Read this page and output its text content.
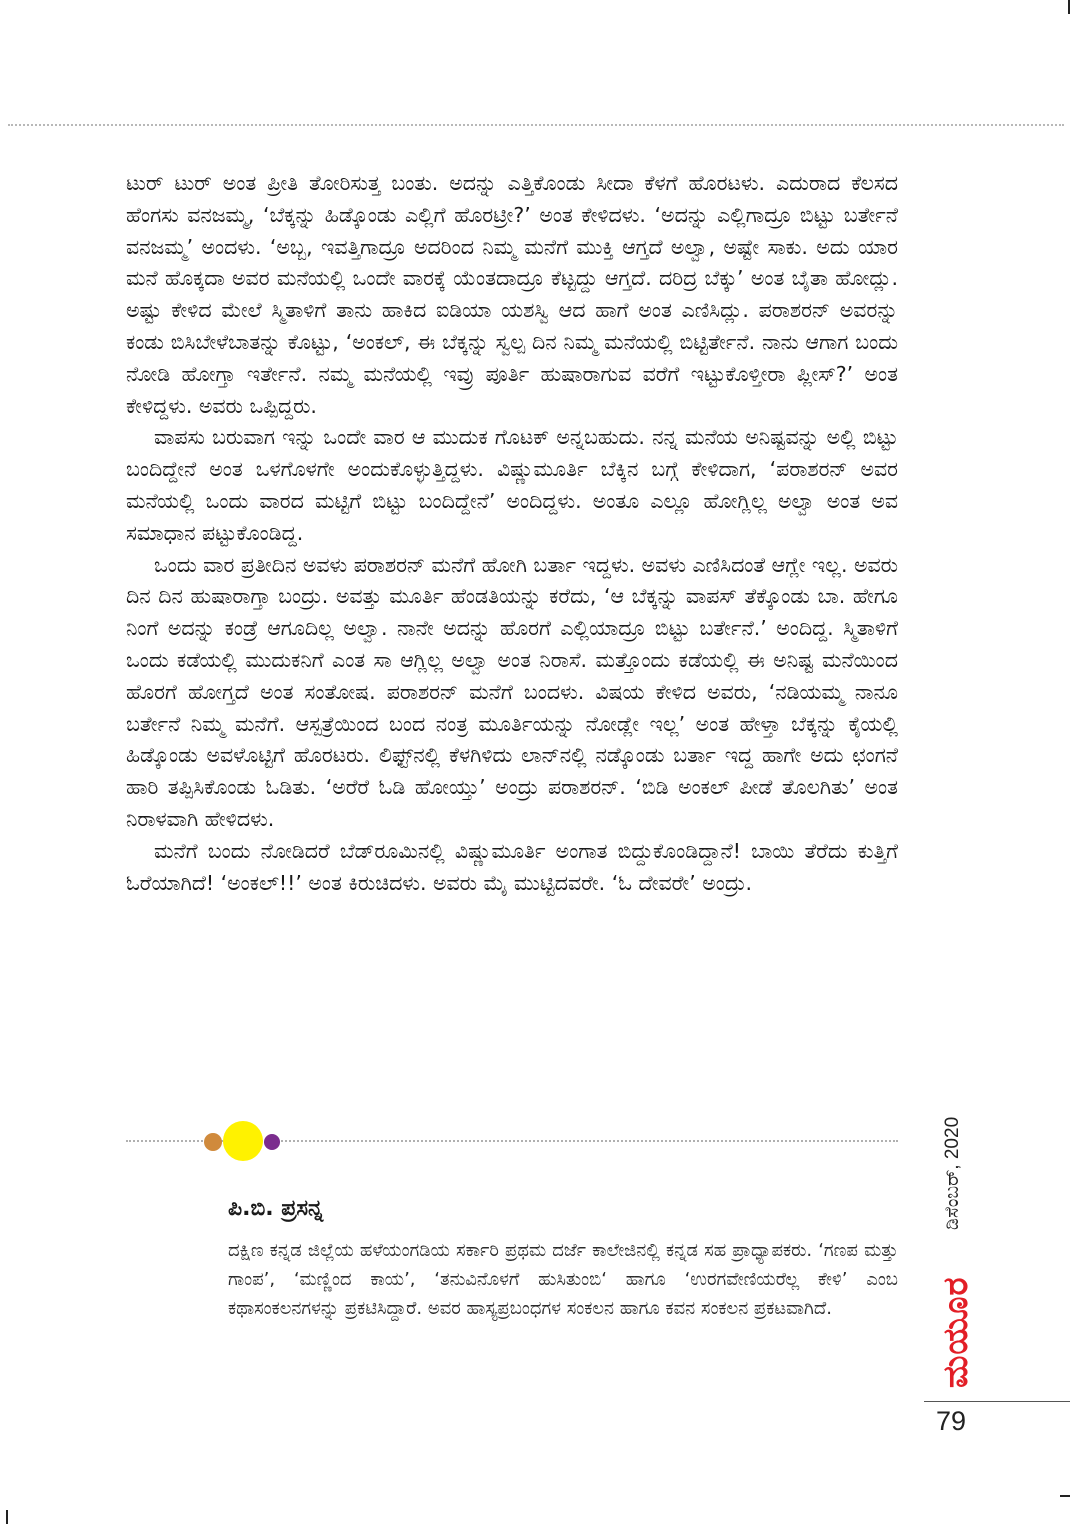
ಟುರ್ ಟುರ್ ಅಂತ ಪ್ರೀತಿ ತೋರಿಸುತ್ತ ಬಂತು. ಅದನ್ನು ಎತ್ತಿಕೊಂಡು ಸೀದಾ ಕೆಳಗೆ ಹೊರಟಳು. ಎದುರಾದ ಕೆಲಸದ ಹೆಂಗಸು ವನಜಮ್ಮ, ‘ಬೆಕ್ಕನ್ನು ಹಿಡ್ಕೊಂಡು ಎಲ್ಲಿಗೆ ಹೊರಟ್ರೀ?’ ಅಂತ ಕೇಳಿದಳು. ‘ಅದನ್ನು ಎಲ್ಲಿಗಾದ್ರೂ ಬಿಟ್ಟು ಬರ್ತೇನೆ ವನಜಮ್ಮ’ ಅಂದಳು. ‘ಅಬ್ಬ, ಇವತ್ತಿಗಾದ್ರೂ ಅದರಿಂದ ನಿಮ್ಮ ಮನೆಗೆ ಮುಕ್ತಿ ಆಗ್ತದೆ ಅಲ್ವಾ, ಅಷ್ಟೇ ಸಾಕು. ಅದು ಯಾರ ಮನೆ ಹೊಕ್ಕದಾ ಅವರ ಮನೆಯಲ್ಲಿ ಒಂದೇ ವಾರಕ್ಕೆ ಯೆಂತದಾದ್ರೂ ಕೆಟ್ಟದ್ದು ಆಗ್ತದೆ. ದರಿದ್ರ ಬೆಕ್ಕು’ ಅಂತ ಬೈತಾ ಹೋದ್ಲು. ಅಷ್ಟು ಕೇಳಿದ ಮೇಲೆ ಸ್ಮಿತಾಳಿಗೆ ತಾನು ಹಾಕಿದ ಐಡಿಯಾ ಯಶಸ್ವಿ ಆದ ಹಾಗೆ ಅಂತ ಎಣಿಸಿದ್ಲು. ಪರಾಶರನ್ ಅವರನ್ನು ಕಂಡು ಬಿಸಿಬೇಳೆಬಾತನ್ನು ಕೊಟ್ಟು, ‘ಅಂಕಲ್, ಈ ಬೆಕ್ಕನ್ನು ಸ್ವಲ್ಪ ದಿನ ನಿಮ್ಮ ಮನೆಯಲ್ಲಿ ಬಿಟ್ಟಿರ್ತೇನೆ. ನಾನು ಆಗಾಗ ಬಂದು ನೋಡಿ ಹೋಗ್ತಾ ಇರ್ತೇನೆ. ನಮ್ಮ ಮನೆಯಲ್ಲಿ ಇವ್ರು ಪೂರ್ತಿ ಹುಷಾರಾಗುವ ವರೆಗೆ ಇಟ್ಟುಕೊಳ್ತೀರಾ ಪ್ಲೀಸ್?’ ಅಂತ ಕೇಳಿದ್ದಳು. ಅವರು ಒಪ್ಪಿದ್ದರು.

ವಾಪಸು ಬರುವಾಗ ಇನ್ನು ಒಂದೇ ವಾರ ಆ ಮುದುಕ ಗೊಟಕ್ ಅನ್ನಬಹುದು. ನನ್ನ ಮನೆಯ ಅನಿಷ್ಟವನ್ನು ಅಲ್ಲಿ ಬಿಟ್ಟು ಬಂದಿದ್ದೇನೆ ಅಂತ ಒಳಗೊಳಗೇ ಅಂದುಕೊಳ್ಳುತ್ತಿದ್ದಳು. ವಿಷ್ಣುಮೂರ್ತಿ ಬೆಕ್ಕಿನ ಬಗ್ಗೆ ಕೇಳಿದಾಗ, ‘ಪರಾಶರನ್ ಅವರ ಮನೆಯಲ್ಲಿ ಒಂದು ವಾರದ ಮಟ್ಟಿಗೆ ಬಿಟ್ಟು ಬಂದಿದ್ದೇನೆ’ ಅಂದಿದ್ದಳು. ಅಂತೂ ಎಲ್ಲೂ ಹೋಗ್ಲಿಲ್ಲ ಅಲ್ವಾ ಅಂತ ಅವ ಸಮಾಧಾನ ಪಟ್ಟುಕೊಂಡಿದ್ದ.

ಒಂದು ವಾರ ಪ್ರತೀದಿನ ಅವಳು ಪರಾಶರನ್ ಮನೆಗೆ ಹೋಗಿ ಬರ್ತಾ ಇದ್ದಳು. ಅವಳು ಎಣಿಸಿದಂತೆ ಆಗ್ಲೇ ಇಲ್ಲ. ಅವರು ದಿನ ದಿನ ಹುಷಾರಾಗ್ತಾ ಬಂದ್ರು. ಅವತ್ತು ಮೂರ್ತಿ ಹೆಂಡತಿಯನ್ನು ಕರೆದು, ‘ಆ ಬೆಕ್ಕನ್ನು ವಾಪಸ್ ತೆಕ್ಕೊಂಡು ಬಾ. ಹೇಗೂ ನಿಂಗೆ ಅದನ್ನು ಕಂಡ್ರೆ ಆಗೂದಿಲ್ಲ ಅಲ್ವಾ. ನಾನೇ ಅದನ್ನು ಹೊರಗೆ ಎಲ್ಲಿಯಾದ್ರೂ ಬಿಟ್ಟು ಬರ್ತೇನೆ.’ ಅಂದಿದ್ದ. ಸ್ಮಿತಾಳಿಗೆ ಒಂದು ಕಡೆಯಲ್ಲಿ ಮುದುಕನಿಗೆ ಎಂತ ಸಾ ಆಗ್ಲಿಲ್ಲ ಅಲ್ವಾ ಅಂತ ನಿರಾಸೆ. ಮತ್ತೊಂದು ಕಡೆಯಲ್ಲಿ ಈ ಅನಿಷ್ಟ ಮನೆಯಿಂದ ಹೊರಗೆ ಹೋಗ್ತದೆ ಅಂತ ಸಂತೋಷ. ಪರಾಶರನ್ ಮನೆಗೆ ಬಂದಳು. ವಿಷಯ ಕೇಳಿದ ಅವರು, ‘ನಡಿಯಮ್ಮ ನಾನೂ ಬರ್ತೇನೆ ನಿಮ್ಮ ಮನೆಗೆ. ಆಸ್ಪತ್ರೆಯಿಂದ ಬಂದ ನಂತ್ರ ಮೂರ್ತಿಯನ್ನು ನೋಡ್ಲೇ ಇಲ್ಲ’ ಅಂತ ಹೇಳ್ತಾ ಬೆಕ್ಕನ್ನು ಕೈಯಲ್ಲಿ ಹಿಡ್ಕೊಂಡು ಅವಳೊಟ್ಟಿಗೆ ಹೊರಟರು. ಲಿಫ್ಟ್‌ನಲ್ಲಿ ಕೆಳಗಿಳಿದು ಲಾನ್‌ನಲ್ಲಿ ನಡ್ಕೊಂಡು ಬರ್ತಾ ಇದ್ದ ಹಾಗೇ ಅದು ಛಂಗನೆ ಹಾರಿ ತಪ್ಪಿಸಿಕೊಂಡು ಓಡಿತು. ‘ಅರೆರೆ ಓಡಿ ಹೋಯ್ತು’ ಅಂದ್ರು ಪರಾಶರನ್. ‘ಬಿಡಿ ಅಂಕಲ್ ಪೀಡೆ ತೊಲಗಿತು’ ಅಂತ ನಿರಾಳವಾಗಿ ಹೇಳಿದಳು.

ಮನೆಗೆ ಬಂದು ನೋಡಿದರೆ ಬೆಡ್‌ರೂಮಿನಲ್ಲಿ ವಿಷ್ಣುಮೂರ್ತಿ ಅಂಗಾತ ಬಿದ್ದುಕೊಂಡಿದ್ದಾನೆ! ಬಾಯಿ ತೆರೆದು ಕುತ್ತಿಗೆ ಓರೆಯಾಗಿದೆ! ‘ಅಂಕಲ್!!’ ಅಂತ ಕಿರುಚಿದಳು. ಅವರು ಮೈ ಮುಟ್ಟಿದವರೇ. ‘ಓ ದೇವರೇ’ ಅಂದ್ರು.

ಪಿ.ಬಿ. ಪ್ರಸನ್ನ
ದಕ್ಷಿಣ ಕನ್ನಡ ಜಿಲ್ಲೆಯ ಹಳೆಯಂಗಡಿಯ ಸರ್ಕಾರಿ ಪ್ರಥಮ ದರ್ಜೆ ಕಾಲೇಜಿನಲ್ಲಿ ಕನ್ನಡ ಸಹ ಪ್ರಾಧ್ಯಾಪಕರು. ‘ಗಣಪ ಮತ್ತು ಗಾಂಪ’, ‘ಮಣ್ಣಿಂದ ಕಾಯ’, ‘ತನುವಿನೊಳಗೆ ಹುಸಿತುಂಬಿ‘ ಹಾಗೂ ‘ಉರಗವೇಣಿಯರೆಲ್ಲ ಕೇಳಿ’ ಎಂಬ ಕಥಾಸಂಕಲನಗಳನ್ನು ಪ್ರಕಟಿಸಿದ್ದಾರೆ. ಅವರ ಹಾಸ್ಯಪ್ರಬಂಧಗಳ ಸಂಕಲನ ಹಾಗೂ ಕವನ ಸಂಕಲನ ಪ್ರಕಟವಾಗಿದೆ.
ಡಿಸೆಂಬರ್, 2020
ಮಯೂರ
79
